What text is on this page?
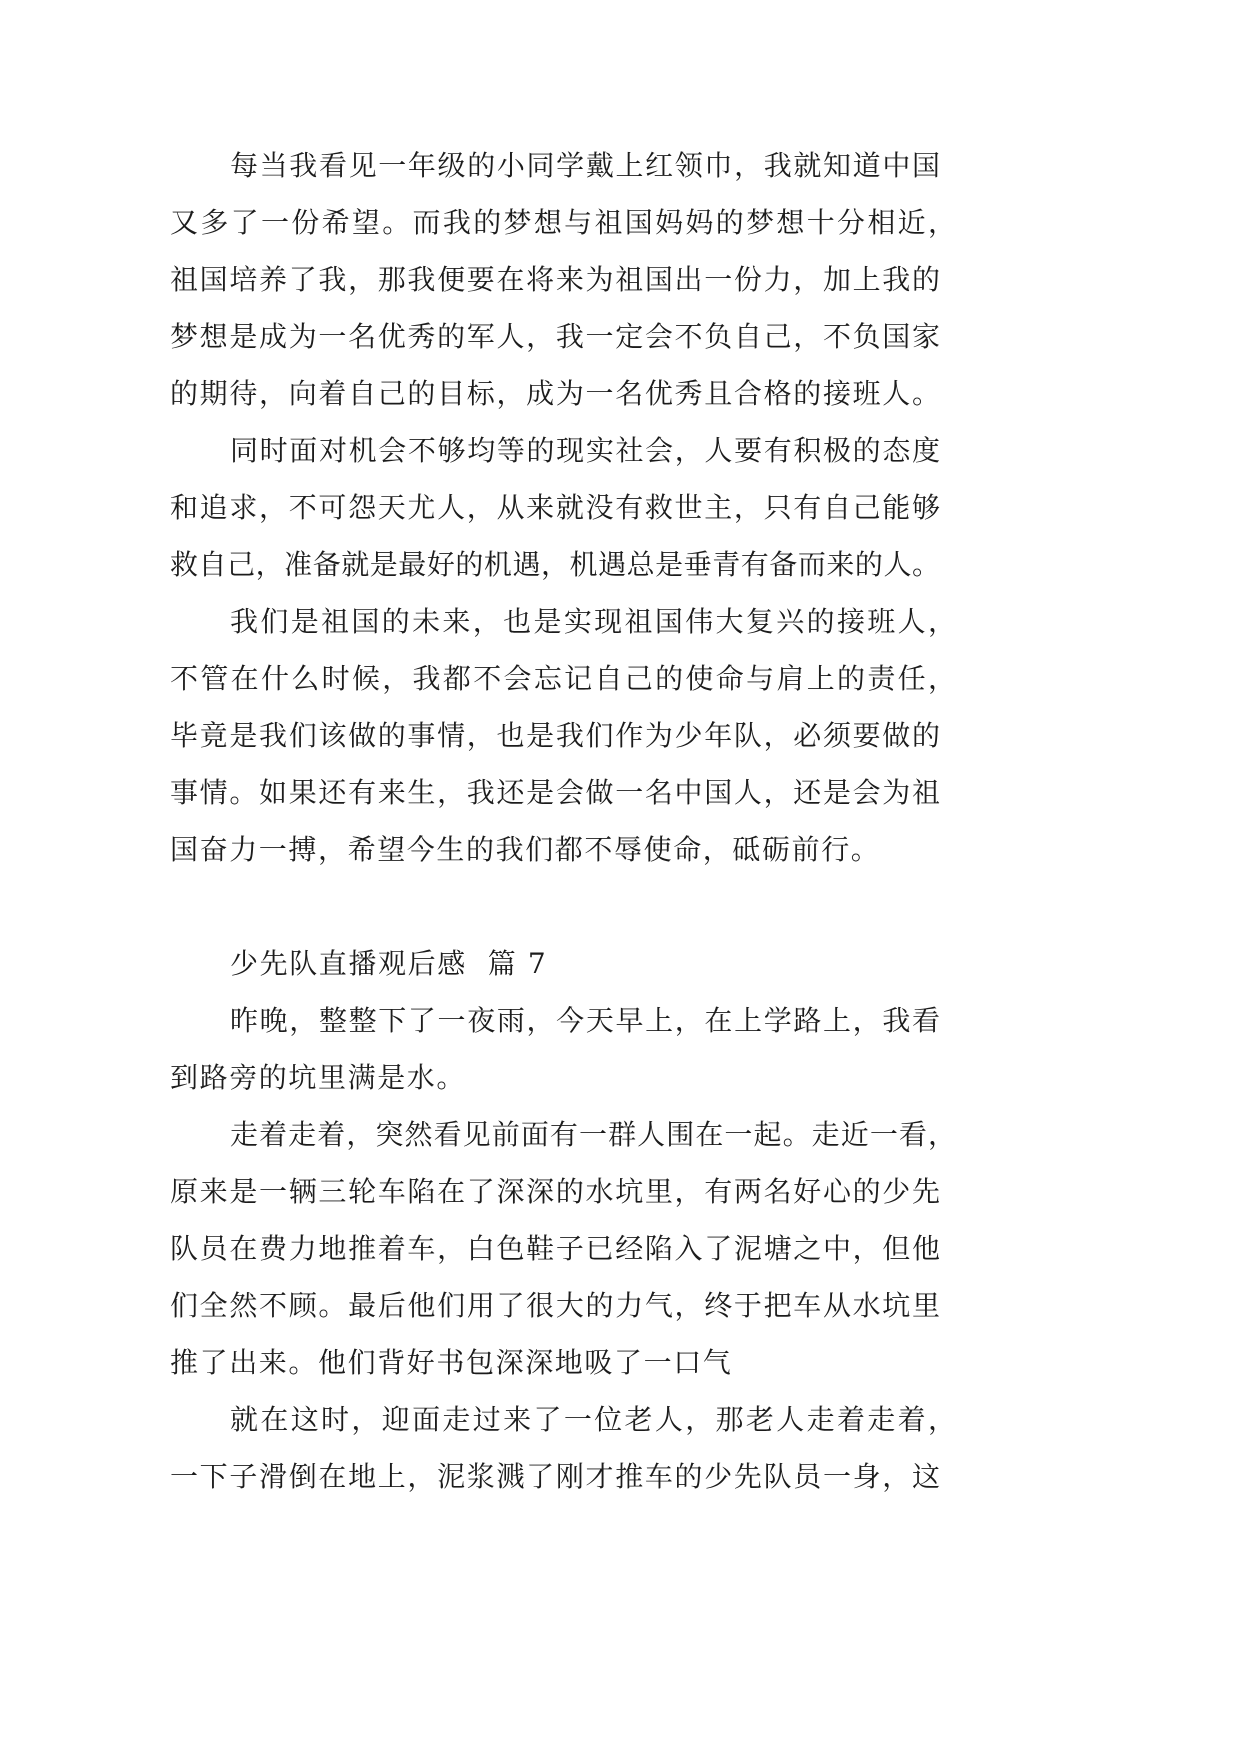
每当我看见一年级的小同学戴上红领巾，我就知道中国
又多了一份希望。而我的梦想与祖国妈妈的梦想十分相近，
祖国培养了我，那我便要在将来为祖国出一份力，加上我的
梦想是成为一名优秀的军人，我一定会不负自己，不负国家
的期待，向着自己的目标，成为一名优秀且合格的接班人。
同时面对机会不够均等的现实社会，人要有积极的态度
和追求，不可怨天尤人，从来就没有救世主，只有自己能够
救自己，准备就是最好的机遇，机遇总是垂青有备而来的人。
我们是祖国的未来，也是实现祖国伟大复兴的接班人，
不管在什么时候，我都不会忘记自己的使命与肩上的责任，
毕竟是我们该做的事情，也是我们作为少年队，必须要做的
事情。如果还有来生，我还是会做一名中国人，还是会为祖
国奋力一搏，希望今生的我们都不辱使命，砥砺前行。
少先队直播观后感  篇 7
昨晚，整整下了一夜雨，今天早上，在上学路上，我看
到路旁的坑里满是水。
走着走着，突然看见前面有一群人围在一起。走近一看，
原来是一辆三轮车陷在了深深的水坑里，有两名好心的少先
队员在费力地推着车，白色鞋子已经陷入了泥塘之中，但他
们全然不顾。最后他们用了很大的力气，终于把车从水坑里
推了出来。他们背好书包深深地吸了一口气
就在这时，迎面走过来了一位老人，那老人走着走着，
一下子滑倒在地上，泥浆溅了刚才推车的少先队员一身，这
